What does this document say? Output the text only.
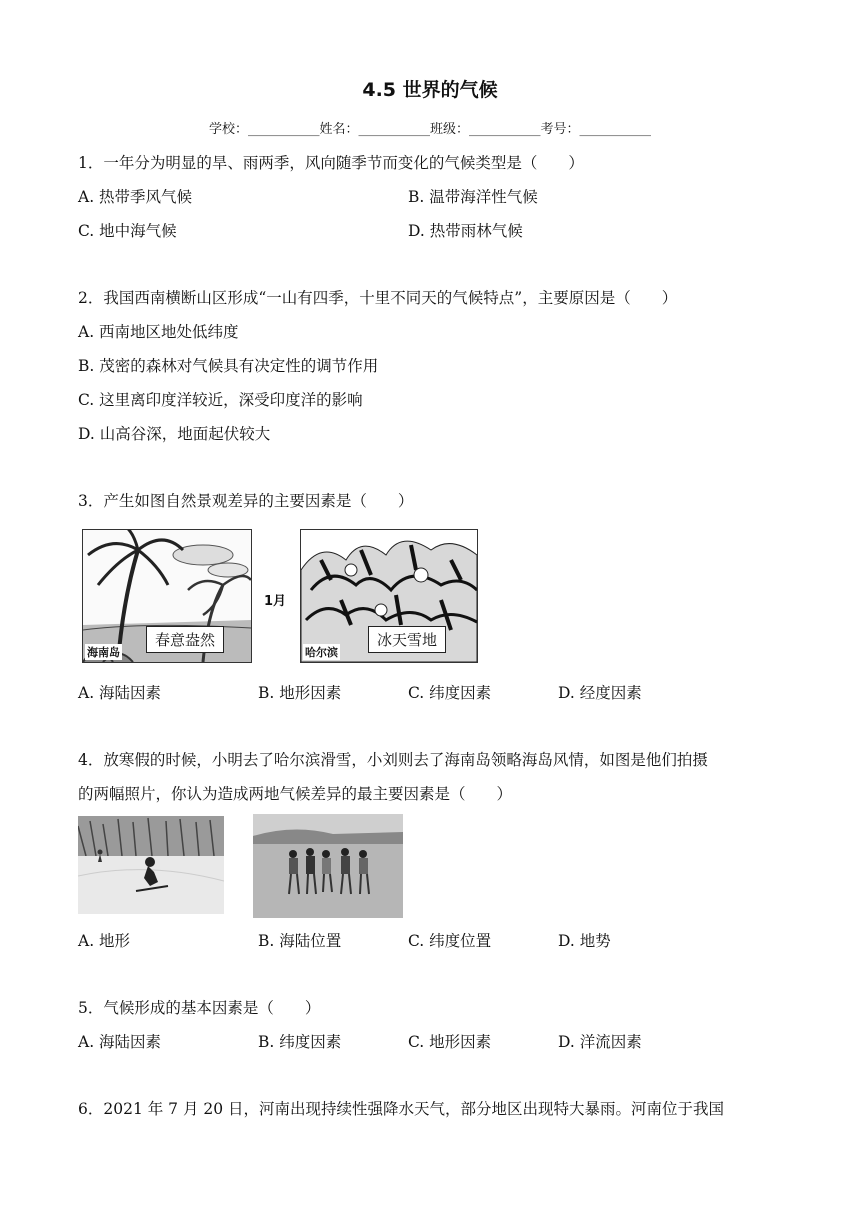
4.5 世界的气候
学校：___________姓名：___________班级：___________考号：___________
1．一年分为明显的旱、雨两季，风向随季节而变化的气候类型是（　　）
A. 热带季风气候	B. 温带海洋性气候
C. 地中海气候	D. 热带雨林气候
2．我国西南横断山区形成“一山有四季，十里不同天的气候特点”，主要原因是（　　）
A. 西南地区地处低纬度
B. 茂密的森林对气候具有决定性的调节作用
C. 这里离印度洋较近，深受印度洋的影响
D. 山高谷深，地面起伏较大
3．产生如图自然景观差异的主要因素是（　　）
海南岛
春意盎然
1月
哈尔滨
冰天雪地
A. 海陆因素	B. 地形因素	C. 纬度因素	D. 经度因素
4．放寒假的时候，小明去了哈尔滨滑雪，小刘则去了海南岛领略海岛风情，如图是他们拍摄
的两幅照片，你认为造成两地气候差异的最主要因素是（　　）
A. 地形	B. 海陆位置	C. 纬度位置	D. 地势
5．气候形成的基本因素是（　　）
A. 海陆因素	B. 纬度因素	C. 地形因素	D. 洋流因素
6．2021 年 7 月 20 日，河南出现持续性强降水天气，部分地区出现特大暴雨。河南位于我国
